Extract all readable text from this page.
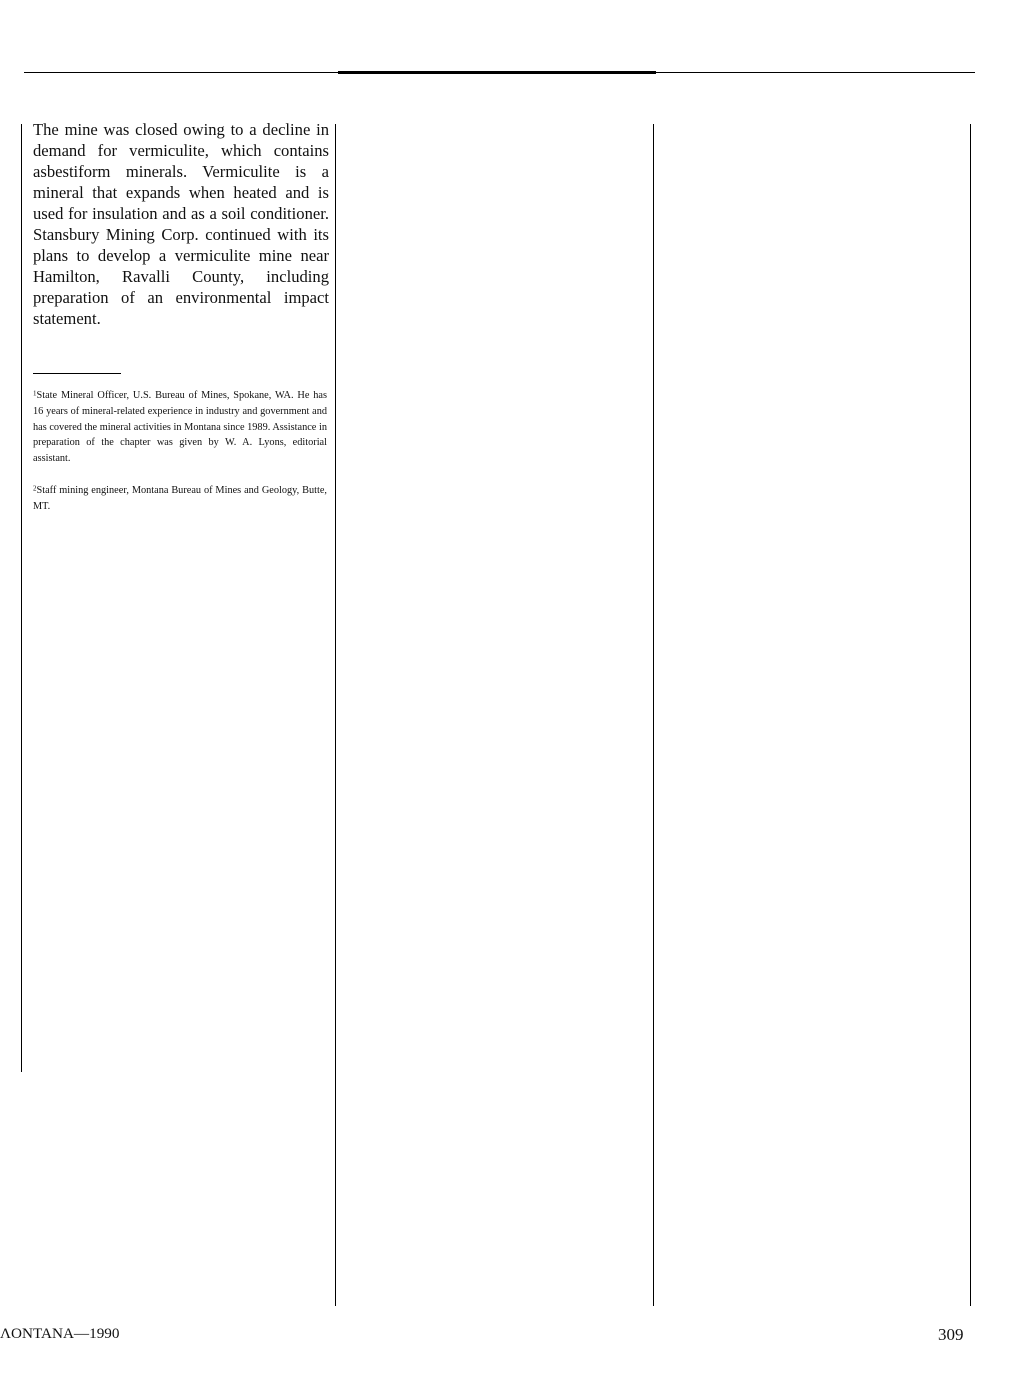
The mine was closed owing to a decline in demand for vermiculite, which contains asbestiform minerals. Vermiculite is a mineral that expands when heated and is used for insulation and as a soil conditioner. Stansbury Mining Corp. continued with its plans to develop a vermiculite mine near Hamilton, Ravalli County, including preparation of an environmental impact statement.

$^1$State Mineral Officer, U.S. Bureau of Mines, Spokane, WA. He has 16 years of mineral-related experience in industry and government and has covered the mineral activities in Montana since 1989. Assistance in preparation of the chapter was given by W. A. Lyons, editorial assistant.

$^2$Staff mining engineer, Montana Bureau of Mines and Geology, Butte, MT.

ɅONTANA—1990	309
